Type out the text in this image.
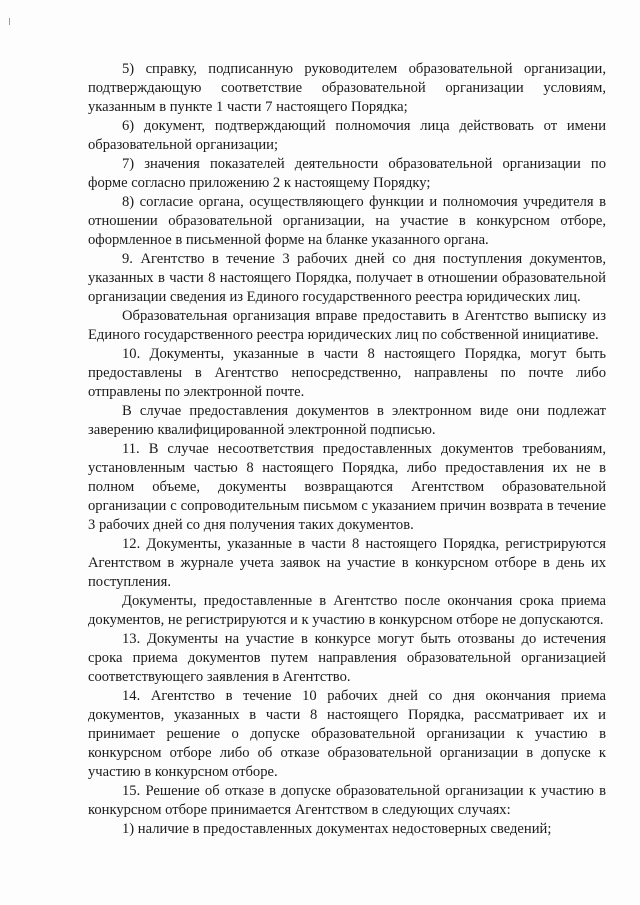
5) справку, подписанную руководителем образовательной организации, подтверждающую соответствие образовательной организации условиям, указанным в пункте 1 части 7 настоящего Порядка;

6) документ, подтверждающий полномочия лица действовать от имени образовательной организации;

7) значения показателей деятельности образовательной организации по форме согласно приложению 2 к настоящему Порядку;

8) согласие органа, осуществляющего функции и полномочия учредителя в отношении образовательной организации, на участие в конкурсном отборе, оформленное в письменной форме на бланке указанного органа.

9. Агентство в течение 3 рабочих дней со дня поступления документов, указанных в части 8 настоящего Порядка, получает в отношении образовательной организации сведения из Единого государственного реестра юридических лиц.

Образовательная организация вправе предоставить в Агентство выписку из Единого государственного реестра юридических лиц по собственной инициативе.

10. Документы, указанные в части 8 настоящего Порядка, могут быть предоставлены в Агентство непосредственно, направлены по почте либо отправлены по электронной почте.

В случае предоставления документов в электронном виде они подлежат заверению квалифицированной электронной подписью.

11. В случае несоответствия предоставленных документов требованиям, установленным частью 8 настоящего Порядка, либо предоставления их не в полном объеме, документы возвращаются Агентством образовательной организации с сопроводительным письмом с указанием причин возврата в течение 3 рабочих дней со дня получения таких документов.

12. Документы, указанные в части 8 настоящего Порядка, регистрируются Агентством в журнале учета заявок на участие в конкурсном отборе в день их поступления.

Документы, предоставленные в Агентство после окончания срока приема документов, не регистрируются и к участию в конкурсном отборе не допускаются.

13. Документы на участие в конкурсе могут быть отозваны до истечения срока приема документов путем направления образовательной организацией соответствующего заявления в Агентство.

14. Агентство в течение 10 рабочих дней со дня окончания приема документов, указанных в части 8 настоящего Порядка, рассматривает их и принимает решение о допуске образовательной организации к участию в конкурсном отборе либо об отказе образовательной организации в допуске к участию в конкурсном отборе.

15. Решение об отказе в допуске образовательной организации к участию в конкурсном отборе принимается Агентством в следующих случаях:

1) наличие в предоставленных документах недостоверных сведений;
